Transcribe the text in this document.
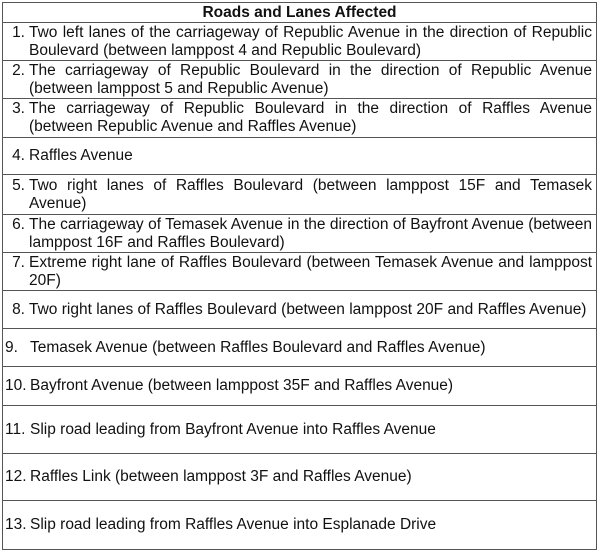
Roads and Lanes Affected

1. Two left lanes of the carriageway of Republic Avenue in the direction of Republic Boulevard (between lamppost 4 and Republic Boulevard)

2. The carriageway of Republic Boulevard in the direction of Republic Avenue (between lamppost 5 and Republic Avenue)

3. The carriageway of Republic Boulevard in the direction of Raffles Avenue (between Republic Avenue and Raffles Avenue)

4. Raffles Avenue

5. Two right lanes of Raffles Boulevard (between lamppost 15F and Temasek Avenue)

6. The carriageway of Temasek Avenue in the direction of Bayfront Avenue (between lamppost 16F and Raffles Boulevard)

7. Extreme right lane of Raffles Boulevard (between Temasek Avenue and lamppost 20F)

8. Two right lanes of Raffles Boulevard (between lamppost 20F and Raffles Avenue)

9. Temasek Avenue (between Raffles Boulevard and Raffles Avenue)

10. Bayfront Avenue (between lamppost 35F and Raffles Avenue)

11. Slip road leading from Bayfront Avenue into Raffles Avenue

12. Raffles Link (between lamppost 3F and Raffles Avenue)

13. Slip road leading from Raffles Avenue into Esplanade Drive
